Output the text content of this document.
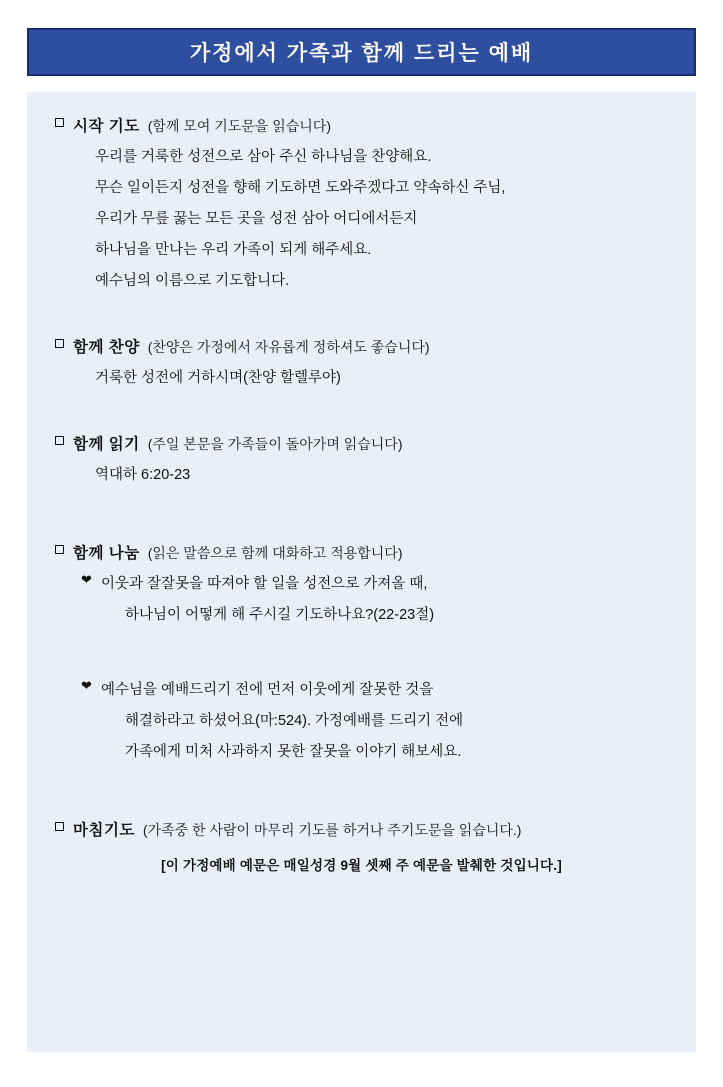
가정에서 가족과 함께 드리는 예배
시작 기도 (함께 모여 기도문을 읽습니다)
우리를 거룩한 성전으로 삼아 주신 하나님을 찬양해요.
무슨 일이든지 성전을 향해 기도하면 도와주겠다고 약속하신 주님,
우리가 무릎 꿇는 모든 곳을 성전 삼아 어디에서든지
하나님을 만나는 우리 가족이 되게 해주세요.
예수님의 이름으로 기도합니다.
함께 찬양 (찬양은 가정에서 자유롭게 정하셔도 좋습니다)
거룩한 성전에 거하시며(찬양 할렐루야)
함께 읽기 (주일 본문을 가족들이 돌아가며 읽습니다)
역대하 6:20-23
함께 나눔 (읽은 말씀으로 함께 대화하고 적용합니다)
❤ 이웃과 잘잘못을 따져야 할 일을 성전으로 가져올 때,
하나님이 어떻게 해 주시길 기도하나요?(22-23절)
❤ 예수님을 예배드리기 전에 먼저 이웃에게 잘못한 것을
해결하라고 하셨어요(마:524). 가정예배를 드리기 전에
가족에게 미처 사과하지 못한 잘못을 이야기 해보세요.
마침기도 (가족중 한 사람이 마무리 기도를 하거나 주기도문을 읽습니다.)
[이 가정예배 예문은 매일성경 9월 셋째 주 예문을 발췌한 것입니다.]
